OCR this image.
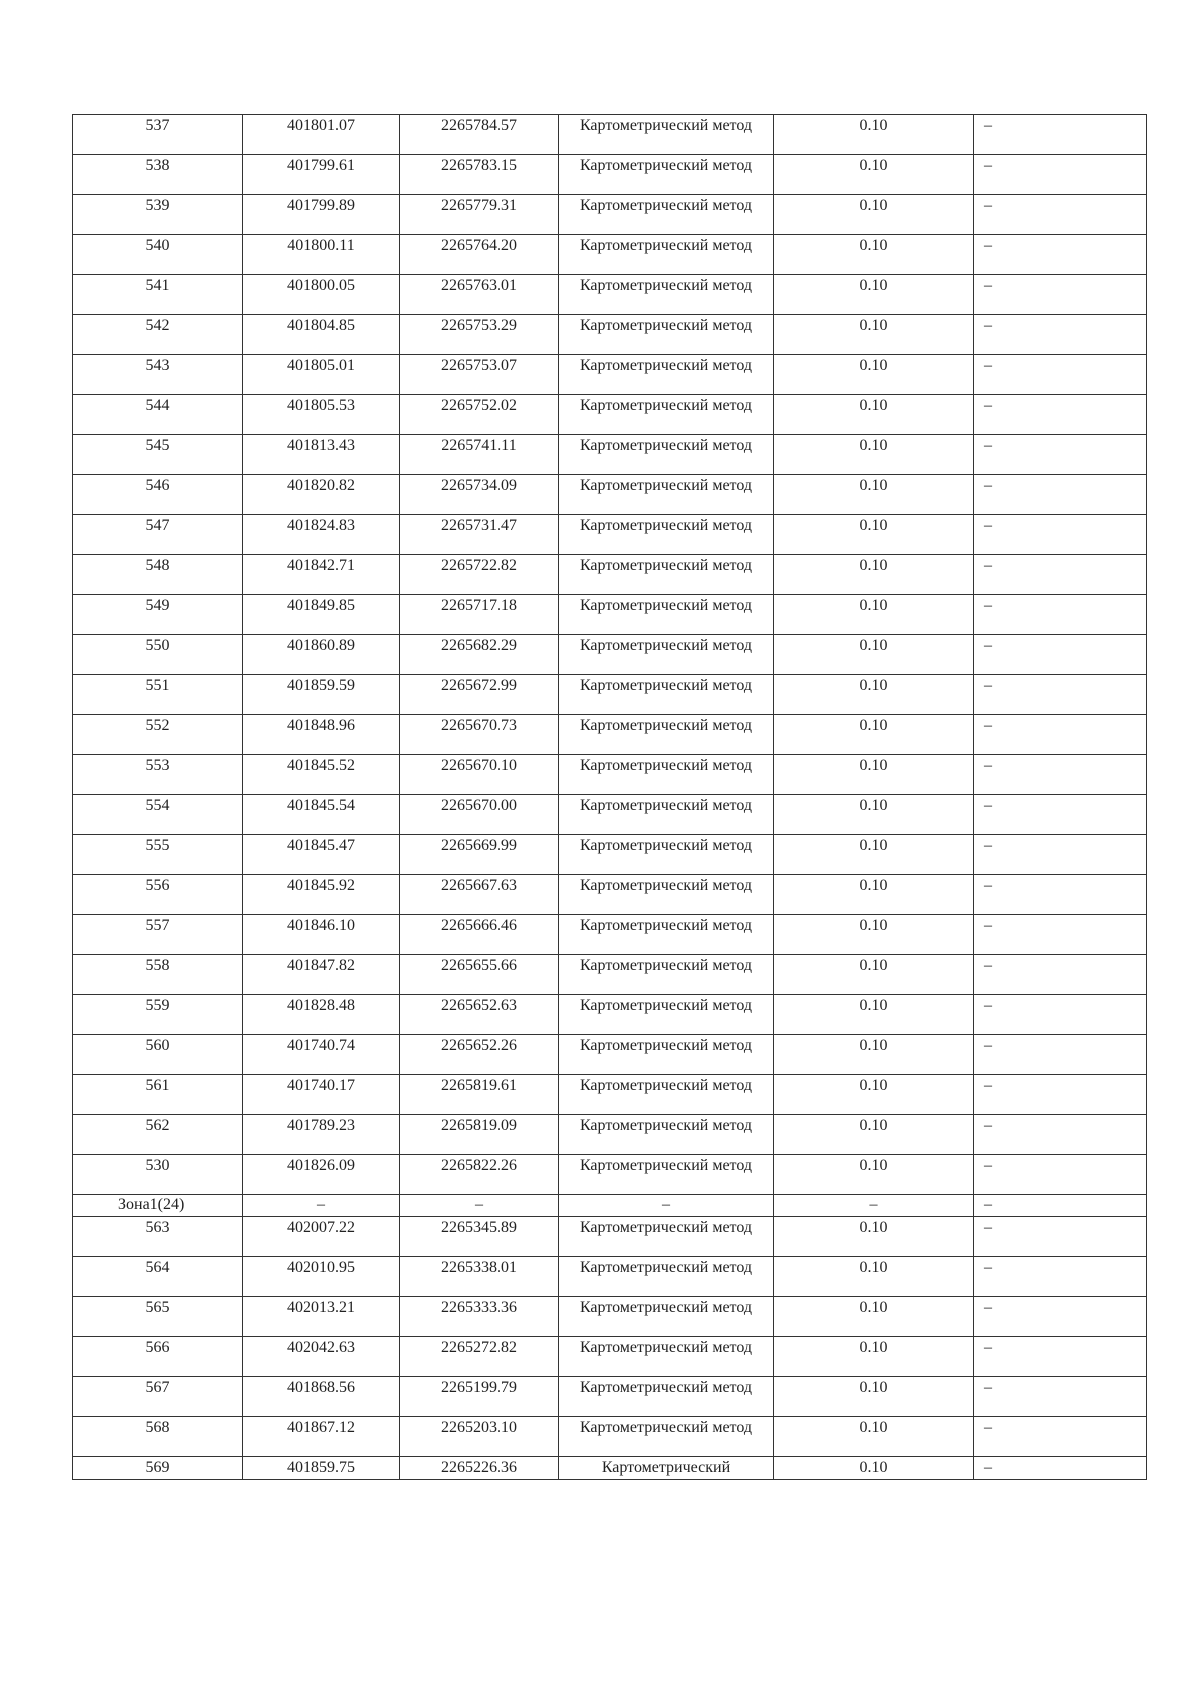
537	401801.07	2265784.57	Картометрический метод	0.10	–
538	401799.61	2265783.15	Картометрический метод	0.10	–
539	401799.89	2265779.31	Картометрический метод	0.10	–
540	401800.11	2265764.20	Картометрический метод	0.10	–
541	401800.05	2265763.01	Картометрический метод	0.10	–
542	401804.85	2265753.29	Картометрический метод	0.10	–
543	401805.01	2265753.07	Картометрический метод	0.10	–
544	401805.53	2265752.02	Картометрический метод	0.10	–
545	401813.43	2265741.11	Картометрический метод	0.10	–
546	401820.82	2265734.09	Картометрический метод	0.10	–
547	401824.83	2265731.47	Картометрический метод	0.10	–
548	401842.71	2265722.82	Картометрический метод	0.10	–
549	401849.85	2265717.18	Картометрический метод	0.10	–
550	401860.89	2265682.29	Картометрический метод	0.10	–
551	401859.59	2265672.99	Картометрический метод	0.10	–
552	401848.96	2265670.73	Картометрический метод	0.10	–
553	401845.52	2265670.10	Картометрический метод	0.10	–
554	401845.54	2265670.00	Картометрический метод	0.10	–
555	401845.47	2265669.99	Картометрический метод	0.10	–
556	401845.92	2265667.63	Картометрический метод	0.10	–
557	401846.10	2265666.46	Картометрический метод	0.10	–
558	401847.82	2265655.66	Картометрический метод	0.10	–
559	401828.48	2265652.63	Картометрический метод	0.10	–
560	401740.74	2265652.26	Картометрический метод	0.10	–
561	401740.17	2265819.61	Картометрический метод	0.10	–
562	401789.23	2265819.09	Картометрический метод	0.10	–
530	401826.09	2265822.26	Картометрический метод	0.10	–
Зона1(24)	–	–	–	–	–
563	402007.22	2265345.89	Картометрический метод	0.10	–
564	402010.95	2265338.01	Картометрический метод	0.10	–
565	402013.21	2265333.36	Картометрический метод	0.10	–
566	402042.63	2265272.82	Картометрический метод	0.10	–
567	401868.56	2265199.79	Картометрический метод	0.10	–
568	401867.12	2265203.10	Картометрический метод	0.10	–
569	401859.75	2265226.36	Картометрический	0.10	–
